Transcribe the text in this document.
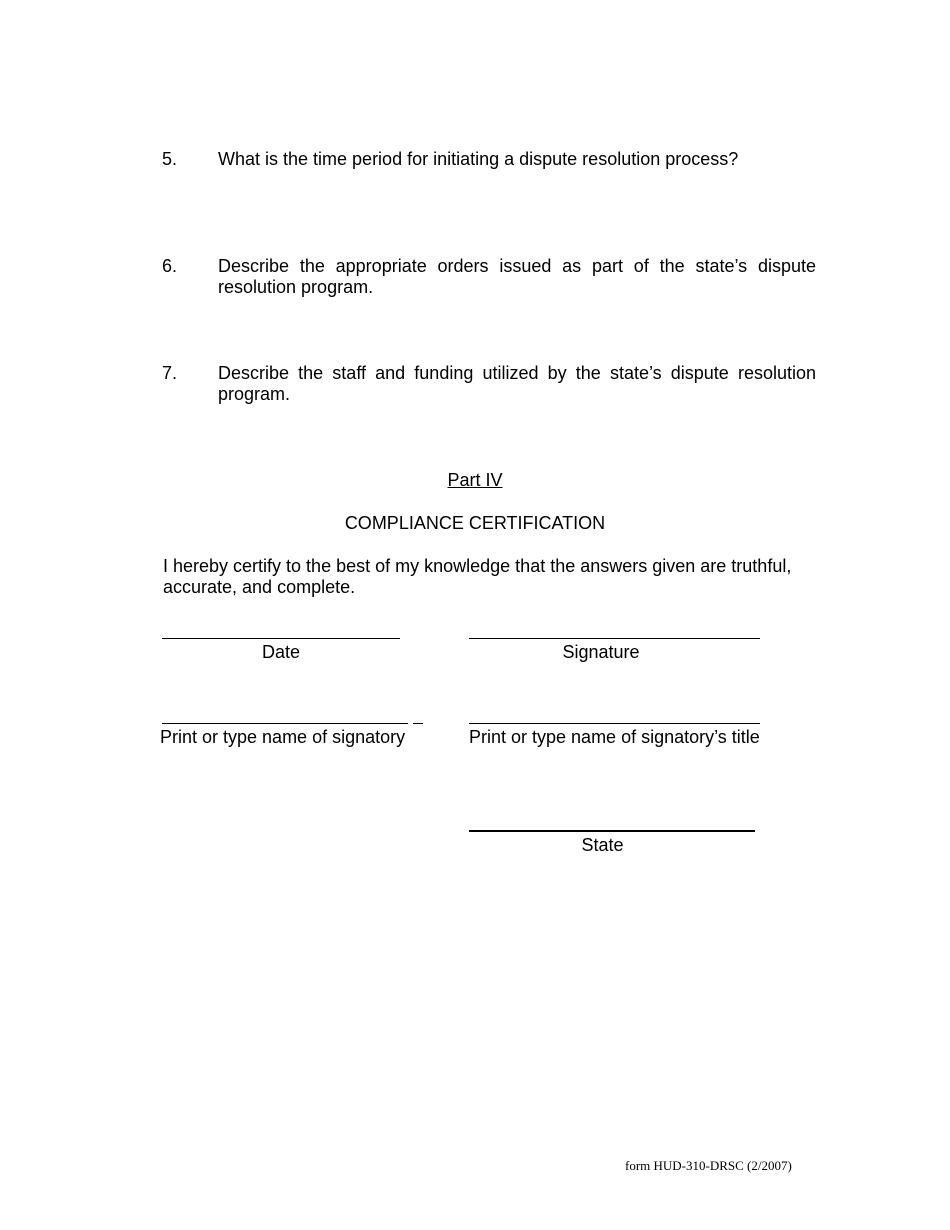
5. What is the time period for initiating a dispute resolution process?
6. Describe the appropriate orders issued as part of the state’s dispute resolution program.
7. Describe the staff and funding utilized by the state’s dispute resolution program.
Part IV
COMPLIANCE CERTIFICATION
I hereby certify to the best of my knowledge that the answers given are truthful, accurate, and complete.
Date	Signature
Print or type name of signatory	Print or type name of signatory’s title
State
form HUD-310-DRSC (2/2007)
